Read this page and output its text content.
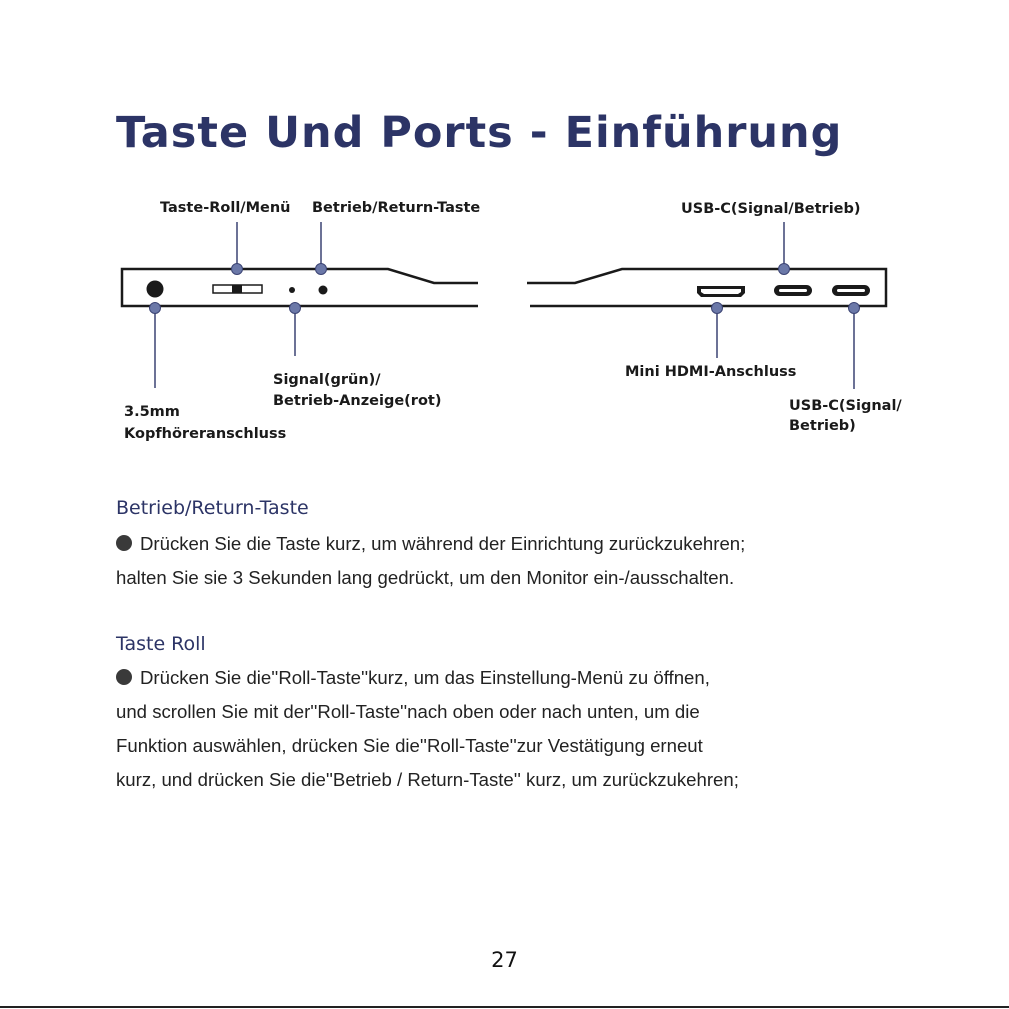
Taste Und Ports - Einführung
Taste-Roll/Menü Betrieb/Return-Taste	USB-C(Signal/Betrieb)
Signal(grün)/
Betrieb-Anzeige(rot)
3.5mm
Kopfhöreranschluss
Mini HDMI-Anschluss
USB-C(Signal/
Betrieb)
Betrieb/Return-Taste

Drücken Sie die Taste kurz, um während der Einrichtung zurückzukehren;

halten Sie sie 3 Sekunden lang gedrückt, um den Monitor ein-/ausschalten.

Taste Roll

Drücken Sie die''Roll-Taste''kurz, um das Einstellung-Menü zu öffnen,

und scrollen Sie mit der''Roll-Taste''nach oben oder nach unten, um die

Funktion auswählen, drücken Sie die''Roll-Taste''zur Vestätigung erneut

kurz, und drücken Sie die''Betrieb / Return-Taste'' kurz, um zurückzukehren;

27
